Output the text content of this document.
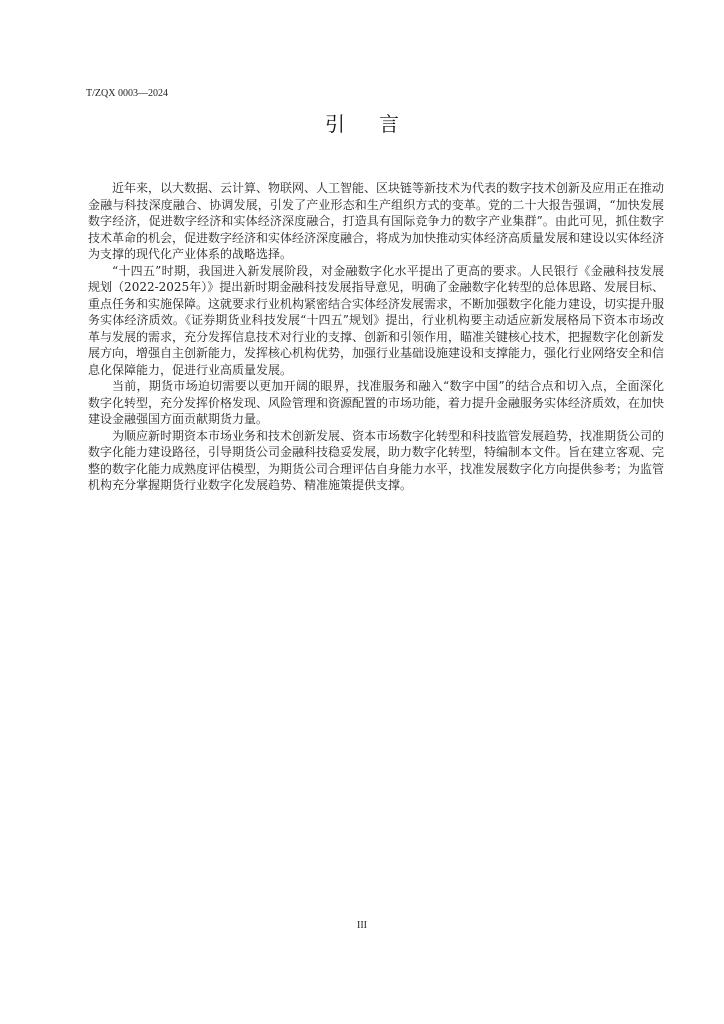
T/ZQX 0003—2024
引言

近年来，以大数据、云计算、物联网、人工智能、区块链等新技术为代表的数字技术创新及应用正在推动金融与科技深度融合、协调发展，引发了产业形态和生产组织方式的变革。党的二十大报告强调，“加快发展数字经济，促进数字经济和实体经济深度融合，打造具有国际竞争力的数字产业集群”。由此可见，抓住数字技术革命的机会，促进数字经济和实体经济深度融合，将成为加快推动实体经济高质量发展和建设以实体经济为支撑的现代化产业体系的战略选择。

“十四五”时期，我国进入新发展阶段，对金融数字化水平提出了更高的要求。人民银行《金融科技发展规划（2022-2025年）》提出新时期金融科技发展指导意见，明确了金融数字化转型的总体思路、发展目标、重点任务和实施保障。这就要求行业机构紧密结合实体经济发展需求，不断加强数字化能力建设，切实提升服务实体经济质效。《证券期货业科技发展“十四五”规划》提出，行业机构要主动适应新发展格局下资本市场改革与发展的需求，充分发挥信息技术对行业的支撑、创新和引领作用，瞄准关键核心技术，把握数字化创新发展方向，增强自主创新能力，发挥核心机构优势，加强行业基础设施建设和支撑能力，强化行业网络安全和信息化保障能力，促进行业高质量发展。

当前，期货市场迫切需要以更加开阔的眼界，找准服务和融入“数字中国”的结合点和切入点，全面深化数字化转型，充分发挥价格发现、风险管理和资源配置的市场功能，着力提升金融服务实体经济质效，在加快建设金融强国方面贡献期货力量。

为顺应新时期资本市场业务和技术创新发展、资本市场数字化转型和科技监管发展趋势，找准期货公司的数字化能力建设路径，引导期货公司金融科技稳妥发展，助力数字化转型，特编制本文件。旨在建立客观、完整的数字化能力成熟度评估模型，为期货公司合理评估自身能力水平，找准发展数字化方向提供参考；为监管机构充分掌握期货行业数字化发展趋势、精准施策提供支撑。

III
